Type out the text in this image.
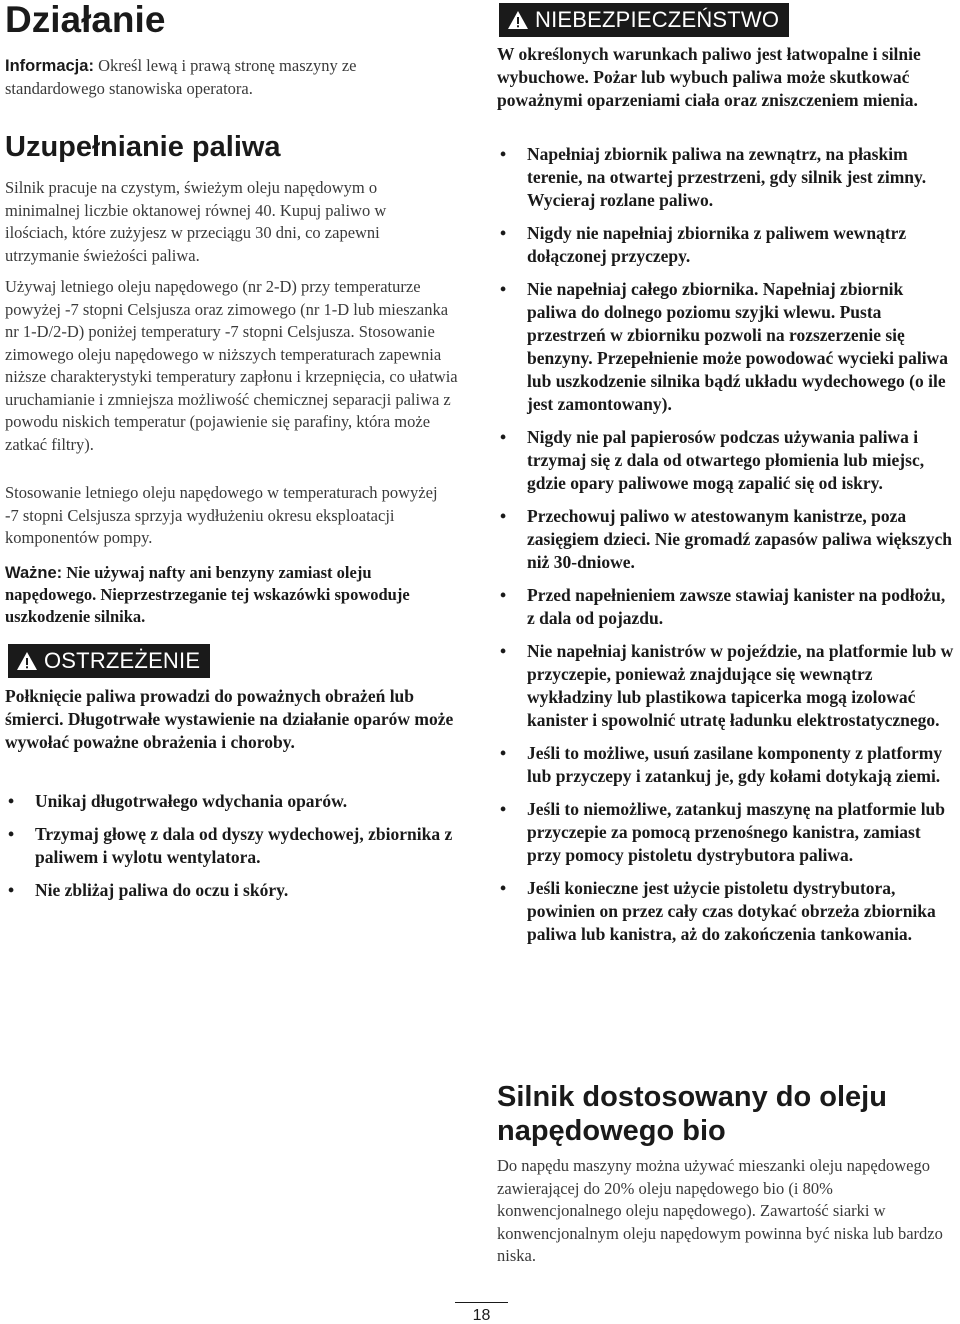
Działanie
Informacja: Określ lewą i prawą stronę maszyny ze standardowego stanowiska operatora.
Uzupełnianie paliwa

Silnik pracuje na czystym, świeżym oleju napędowym o minimalnej liczbie oktanowej równej 40. Kupuj paliwo w ilościach, które zużyjesz w przeciągu 30 dni, co zapewni utrzymanie świeżości paliwa.

Używaj letniego oleju napędowego (nr 2-D) przy temperaturze powyżej -7 stopni Celsjusza oraz zimowego (nr 1-D lub mieszanka nr 1-D/2-D) poniżej temperatury -7 stopni Celsjusza. Stosowanie zimowego oleju napędowego w niższych temperaturach zapewnia niższe charakterystyki temperatury zapłonu i krzepnięcia, co ułatwia uruchamianie i zmniejsza możliwość chemicznej separacji paliwa z powodu niskich temperatur (pojawienie się parafiny, która może zatkać filtry).

Stosowanie letniego oleju napędowego w temperaturach powyżej -7 stopni Celsjusza sprzyja wydłużeniu okresu eksploatacji komponentów pompy.

Ważne: Nie używaj nafty ani benzyny zamiast oleju napędowego. Nieprzestrzeganie tej wskazówki spowoduje uszkodzenie silnika.
OSTRZEŻENIE

Połknięcie paliwa prowadzi do poważnych obrażeń lub śmierci. Długotrwałe wystawienie na działanie oparów może wywołać poważne obrażenia i choroby.

• Unikaj długotrwałego wdychania oparów.
• Trzymaj głowę z dala od dyszy wydechowej, zbiornika z paliwem i wylotu wentylatora.
• Nie zbliżaj paliwa do oczu i skóry.
NIEBEZPIECZEŃSTWO

W określonych warunkach paliwo jest łatwopalne i silnie wybuchowe. Pożar lub wybuch paliwa może skutkować poważnymi oparzeniami ciała oraz zniszczeniem mienia.

• Napełniaj zbiornik paliwa na zewnątrz, na płaskim terenie, na otwartej przestrzeni, gdy silnik jest zimny. Wycieraj rozlane paliwo.
• Nigdy nie napełniaj zbiornika z paliwem wewnątrz dołączonej przyczepy.
• Nie napełniaj całego zbiornika. Napełniaj zbiornik paliwa do dolnego poziomu szyjki wlewu. Pusta przestrzeń w zbiorniku pozwoli na rozszerzenie się benzyny. Przepełnienie może powodować wycieki paliwa lub uszkodzenie silnika bądź układu wydechowego (o ile jest zamontowany).
• Nigdy nie pal papierosów podczas używania paliwa i trzymaj się z dala od otwartego płomienia lub miejsc, gdzie opary paliwowe mogą zapalić się od iskry.
• Przechowuj paliwo w atestowanym kanistrze, poza zasięgiem dzieci. Nie gromadź zapasów paliwa większych niż 30-dniowe.
• Przed napełnieniem zawsze stawiaj kanister na podłożu, z dala od pojazdu.
• Nie napełniaj kanistrów w pojeździe, na platformie lub w przyczepie, ponieważ znajdujące się wewnątrz wykładziny lub plastikowa tapicerka mogą izolować kanister i spowolnić utratę ładunku elektrostatycznego.
• Jeśli to możliwe, usuń zasilane komponenty z platformy lub przyczepy i zatankuj je, gdy kołami dotykają ziemi.
• Jeśli to niemożliwe, zatankuj maszynę na platformie lub przyczepie za pomocą przenośnego kanistra, zamiast przy pomocy pistoletu dystrybutora paliwa.
• Jeśli konieczne jest użycie pistoletu dystrybutora, powinien on przez cały czas dotykać obrzeża zbiornika paliwa lub kanistra, aż do zakończenia tankowania.
Silnik dostosowany do oleju napędowego bio

Do napędu maszyny można używać mieszanki oleju napędowego zawierającej do 20% oleju napędowego bio (i 80% konwencjonalnego oleju napędowego). Zawartość siarki w konwencjonalnym oleju napędowym powinna być niska lub bardzo niska.

18
